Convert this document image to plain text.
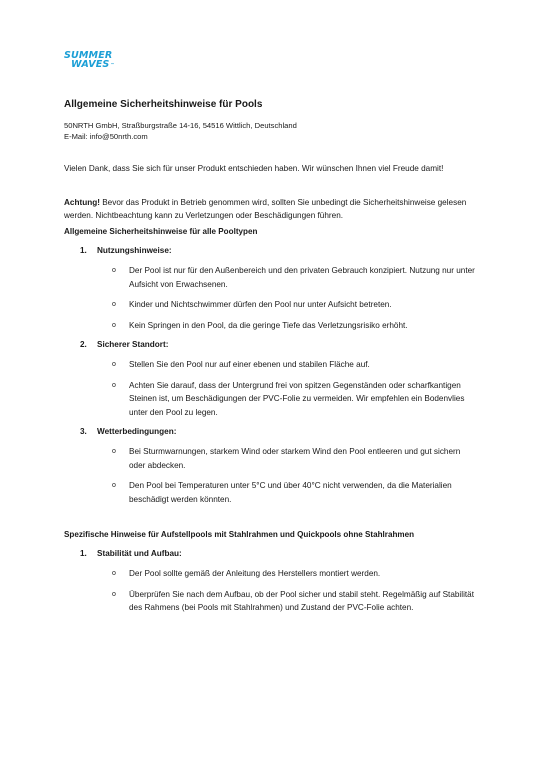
SUMMER
WAVES™
Allgemeine Sicherheitshinweise für Pools
50NRTH GmbH, Straßburgstraße 14-16, 54516 Wittlich, Deutschland
E-Mail: info@50nrth.com

Vielen Dank, dass Sie sich für unser Produkt entschieden haben. Wir wünschen Ihnen viel Freude damit!

Achtung! Bevor das Produkt in Betrieb genommen wird, sollten Sie unbedingt die Sicherheitshinweise gelesen werden. Nichtbeachtung kann zu Verletzungen oder Beschädigungen führen.

Allgemeine Sicherheitshinweise für alle Pooltypen
1. Nutzungshinweise:
o Der Pool ist nur für den Außenbereich und den privaten Gebrauch konzipiert. Nutzung nur unter Aufsicht von Erwachsenen.
o Kinder und Nichtschwimmer dürfen den Pool nur unter Aufsicht betreten.
o Kein Springen in den Pool, da die geringe Tiefe das Verletzungsrisiko erhöht.
2. Sicherer Standort:
o Stellen Sie den Pool nur auf einer ebenen und stabilen Fläche auf.
o Achten Sie darauf, dass der Untergrund frei von spitzen Gegenständen oder scharfkantigen Steinen ist, um Beschädigungen der PVC-Folie zu vermeiden. Wir empfehlen ein Bodenvlies unter den Pool zu legen.
3. Wetterbedingungen:
o Bei Sturmwarnungen, starkem Wind oder starkem Wind den Pool entleeren und gut sichern oder abdecken.
o Den Pool bei Temperaturen unter 5°C und über 40°C nicht verwenden, da die Materialien beschädigt werden könnten.
Spezifische Hinweise für Aufstellpools mit Stahlrahmen und Quickpools ohne Stahlrahmen
1. Stabilität und Aufbau:
o Der Pool sollte gemäß der Anleitung des Herstellers montiert werden.
o Überprüfen Sie nach dem Aufbau, ob der Pool sicher und stabil steht. Regelmäßig auf Stabilität des Rahmens (bei Pools mit Stahlrahmen) und Zustand der PVC-Folie achten.
